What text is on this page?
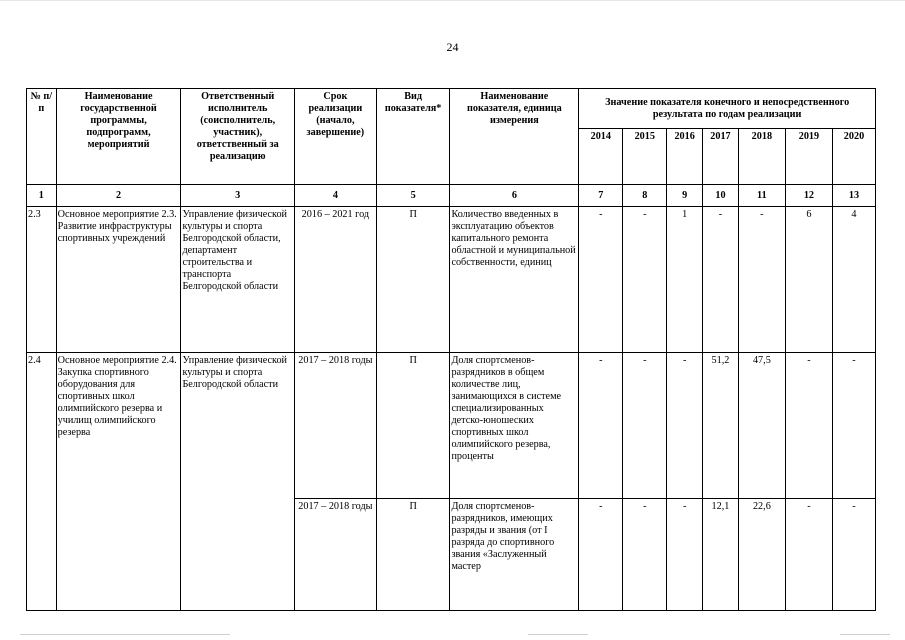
24
№ п/п	Наименование государственной программы, подпрограмм, мероприятий	Ответственный исполнитель (соисполнитель, участник), ответственный за реализацию	Срок реализации (начало, завершение)	Вид показателя*	Наименование показателя, единица измерения	Значение показателя конечного и непосредственного результата по годам реализации						
						2014	2015	2016	2017	2018	2019	2020
1	2	3	4	5	6	7	8	9	10	11	12	13
2.3	Основное мероприятие 2.3. Развитие инфраструктуры спортивных учреждений	Управление физической культуры и спорта Белгородской области, департамент строительства и транспорта Белгородской области	2016 – 2021 год	П	Количество введенных в эксплуатацию объектов капитального ремонта областной и муниципальной собственности, единиц	-	-	1	-	-	6	4
2.4	Основное мероприятие 2.4. Закупка спортивного оборудования для спортивных школ олимпийского резерва и училищ олимпийского резерва	Управление физической культуры и спорта Белгородской области	2017 – 2018 годы	П	Доля спортсменов-разрядников в общем количестве лиц, занимающихся в системе специализированных детско-юношеских спортивных школ олимпийского резерва, проценты	-	-	-	51,2	47,5	-	-
			2017 – 2018 годы	П	Доля спортсменов-разрядников, имеющих разряды и звания (от I разряда до спортивного звания «Заслуженный мастер	-	-	-	12,1	22,6	-	-
